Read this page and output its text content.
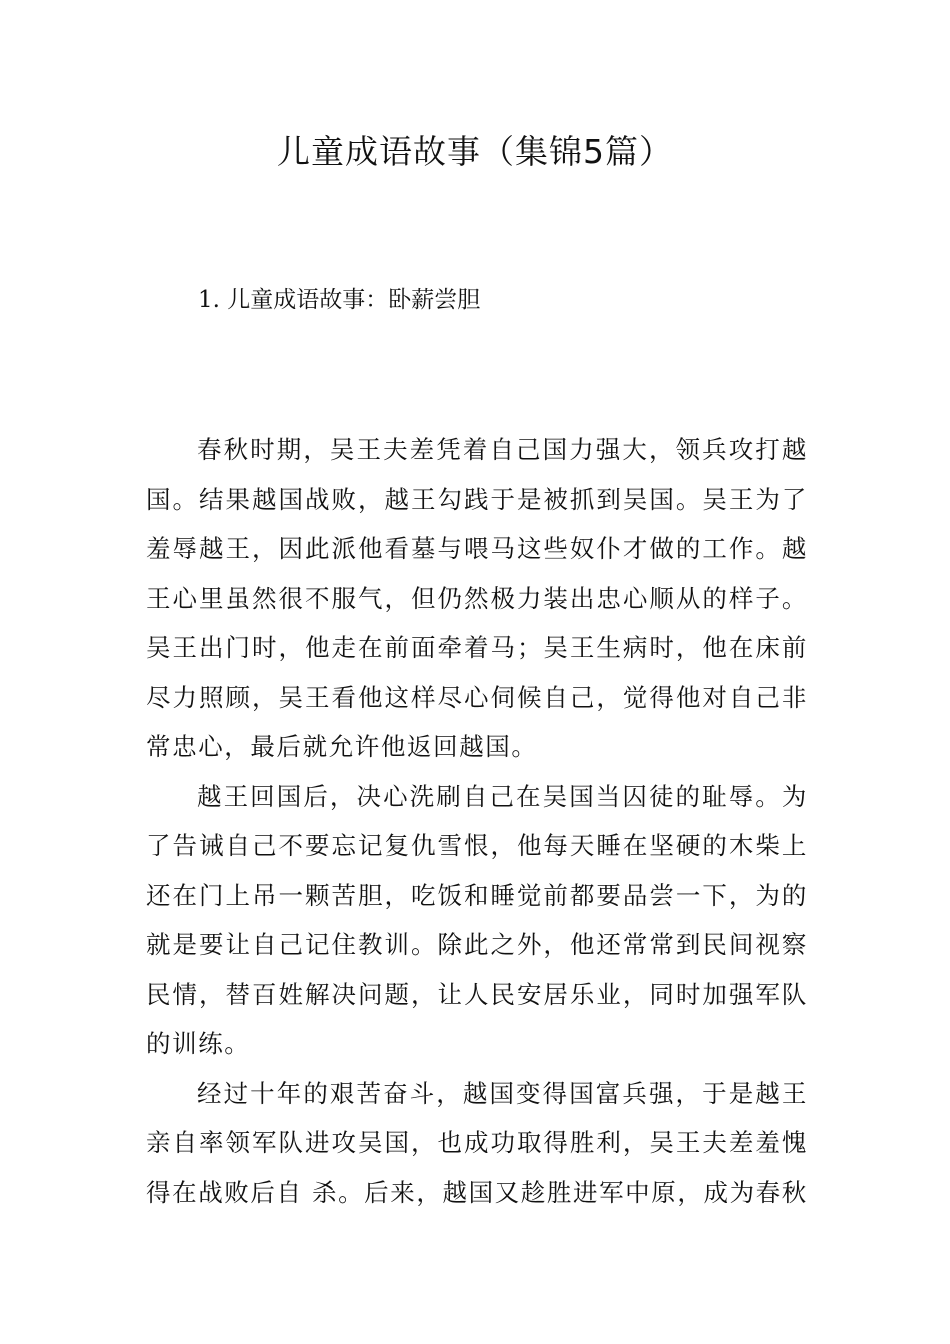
儿童成语故事（集锦5篇）
1. 儿童成语故事：卧薪尝胆

春秋时期，吴王夫差凭着自己国力强大，领兵攻打越国。结果越国战败，越王勾践于是被抓到吴国。吴王为了羞辱越王，因此派他看墓与喂马这些奴仆才做的工作。越王心里虽然很不服气，但仍然极力装出忠心顺从的样子。吴王出门时，他走在前面牵着马；吴王生病时，他在床前尽力照顾，吴王看他这样尽心伺候自己，觉得他对自己非常忠心，最后就允许他返回越国。

越王回国后，决心洗刷自己在吴国当囚徒的耻辱。为了告诫自己不要忘记复仇雪恨，他每天睡在坚硬的木柴上还在门上吊一颗苦胆，吃饭和睡觉前都要品尝一下，为的就是要让自己记住教训。除此之外，他还常常到民间视察民情，替百姓解决问题，让人民安居乐业，同时加强军队的训练。

经过十年的艰苦奋斗，越国变得国富兵强，于是越王亲自率领军队进攻吴国，也成功取得胜利，吴王夫差羞愧得在战败后自 杀。后来，越国又趁胜进军中原，成为春秋
